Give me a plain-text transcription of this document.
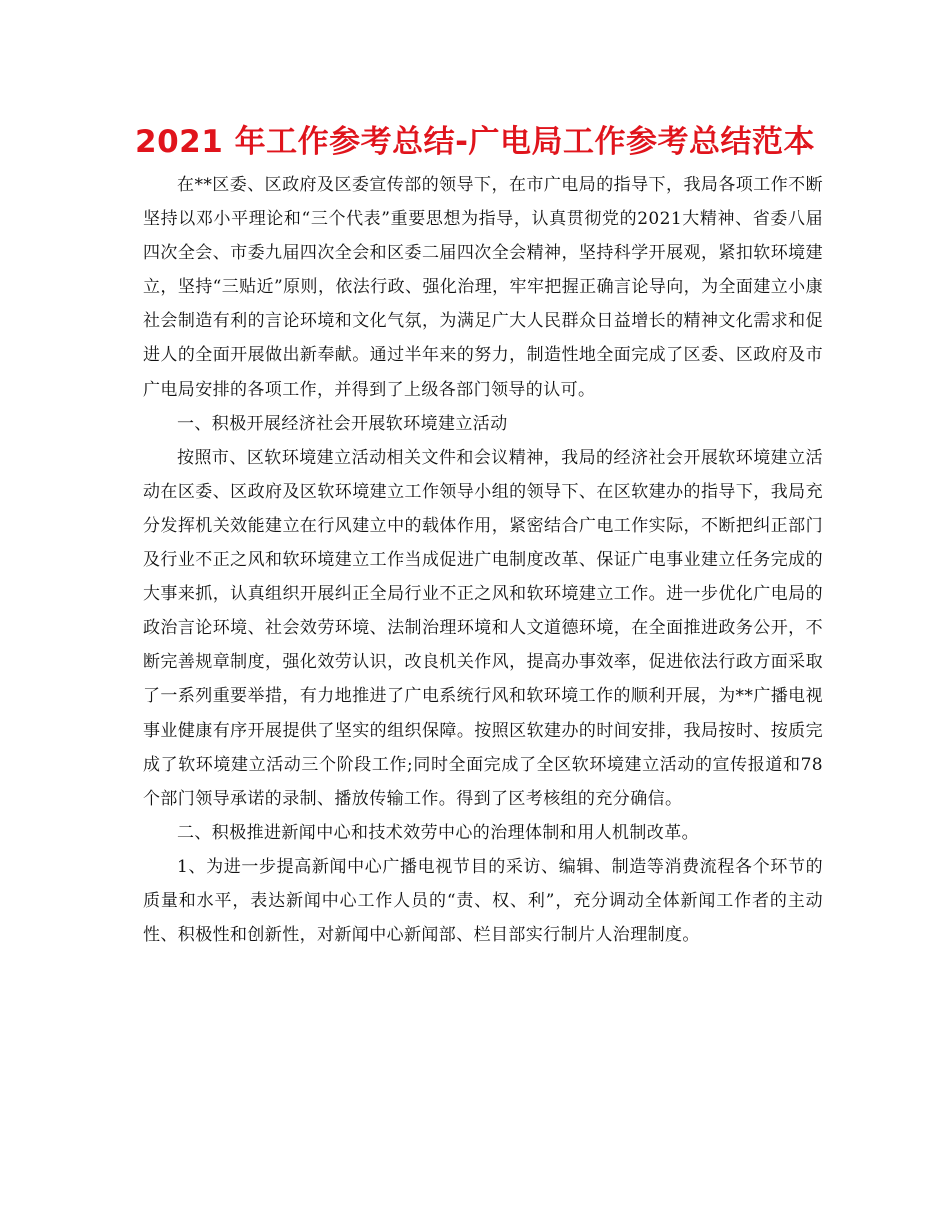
2021 年工作参考总结-广电局工作参考总结范本

在**区委、区政府及区委宣传部的领导下，在市广电局的指导下，我局各项工作不断坚持以邓小平理论和“三个代表”重要思想为指导，认真贯彻党的2021大精神、省委八届四次全会、市委九届四次全会和区委二届四次全会精神，坚持科学开展观，紧扣软环境建立，坚持“三贴近”原则，依法行政、强化治理，牢牢把握正确言论导向，为全面建立小康社会制造有利的言论环境和文化气氛，为满足广大人民群众日益增长的精神文化需求和促进人的全面开展做出新奉献。通过半年来的努力，制造性地全面完成了区委、区政府及市广电局安排的各项工作，并得到了上级各部门领导的认可。

一、积极开展经济社会开展软环境建立活动

按照市、区软环境建立活动相关文件和会议精神，我局的经济社会开展软环境建立活动在区委、区政府及区软环境建立工作领导小组的领导下、在区软建办的指导下，我局充分发挥机关效能建立在行风建立中的载体作用，紧密结合广电工作实际，不断把纠正部门及行业不正之风和软环境建立工作当成促进广电制度改革、保证广电事业建立任务完成的大事来抓，认真组织开展纠正全局行业不正之风和软环境建立工作。进一步优化广电局的政治言论环境、社会效劳环境、法制治理环境和人文道德环境，在全面推进政务公开，不断完善规章制度，强化效劳认识，改良机关作风，提高办事效率，促进依法行政方面采取了一系列重要举措，有力地推进了广电系统行风和软环境工作的顺利开展，为**广播电视事业健康有序开展提供了坚实的组织保障。按照区软建办的时间安排，我局按时、按质完成了软环境建立活动三个阶段工作;同时全面完成了全区软环境建立活动的宣传报道和78个部门领导承诺的录制、播放传输工作。得到了区考核组的充分确信。

二、积极推进新闻中心和技术效劳中心的治理体制和用人机制改革。

1、为进一步提高新闻中心广播电视节目的采访、编辑、制造等消费流程各个环节的质量和水平，表达新闻中心工作人员的“责、权、利”，充分调动全体新闻工作者的主动性、积极性和创新性，对新闻中心新闻部、栏目部实行制片人治理制度。
